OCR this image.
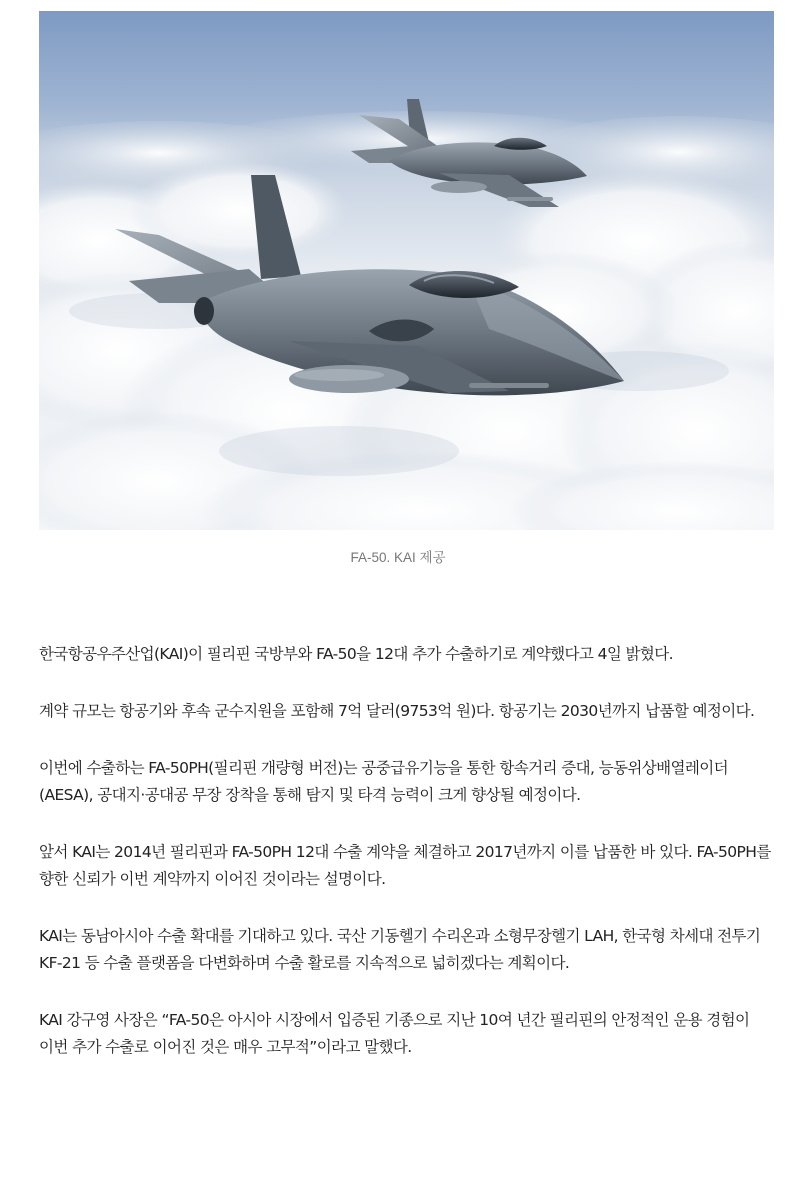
FA-50. KAI 제공

한국항공우주산업(KAI)이 필리핀 국방부와 FA-50을 12대 추가 수출하기로 계약했다고 4일 밝혔다.

계약 규모는 항공기와 후속 군수지원을 포함해 7억 달러(9753억 원)다. 항공기는 2030년까지 납품할 예정이다.

이번에 수출하는 FA-50PH(필리핀 개량형 버전)는 공중급유기능을 통한 항속거리 증대, 능동위상배열레이더(AESA), 공대지·공대공 무장 장착을 통해 탐지 및 타격 능력이 크게 향상될 예정이다.

앞서 KAI는 2014년 필리핀과 FA-50PH 12대 수출 계약을 체결하고 2017년까지 이를 납품한 바 있다. FA-50PH를 향한 신뢰가 이번 계약까지 이어진 것이라는 설명이다.

KAI는 동남아시아 수출 확대를 기대하고 있다. 국산 기동헬기 수리온과 소형무장헬기 LAH, 한국형 차세대 전투기 KF-21 등 수출 플랫폼을 다변화하며 수출 활로를 지속적으로 넓히겠다는 계획이다.

KAI 강구영 사장은 “FA-50은 아시아 시장에서 입증된 기종으로 지난 10여 년간 필리핀의 안정적인 운용 경험이 이번 추가 수출로 이어진 것은 매우 고무적”이라고 말했다.
